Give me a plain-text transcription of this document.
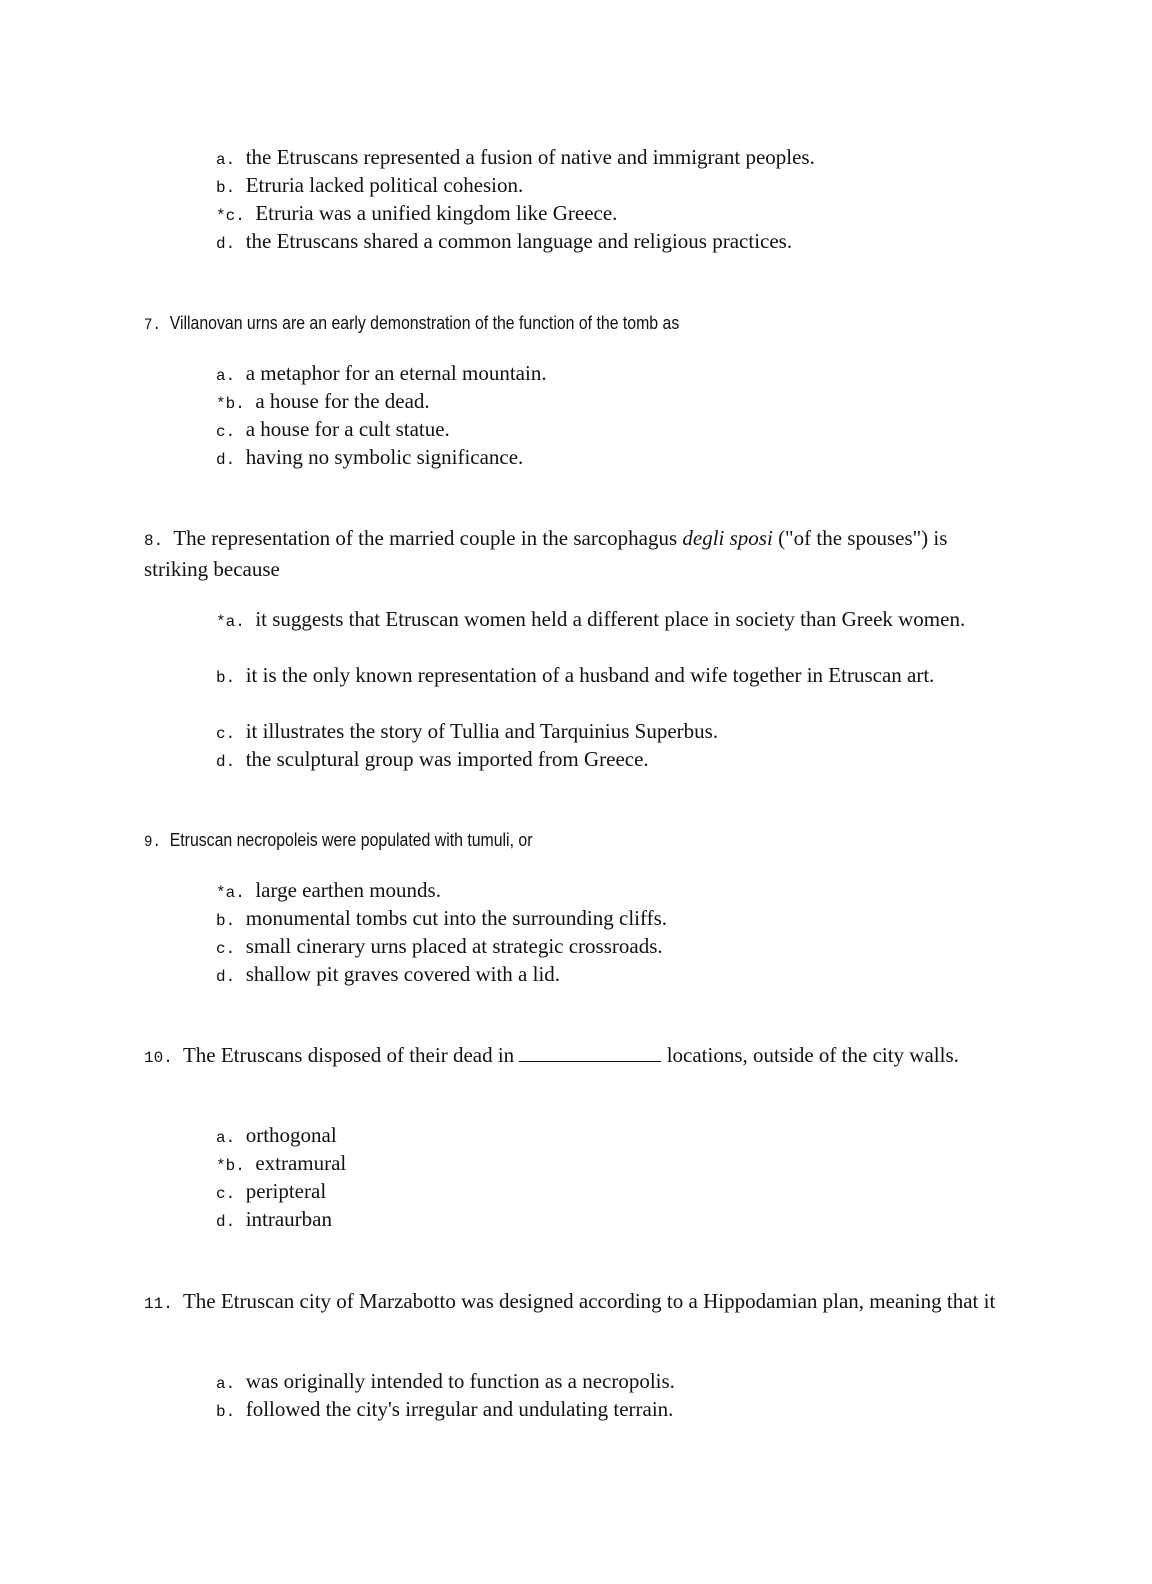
a. the Etruscans represented a fusion of native and immigrant peoples.
b. Etruria lacked political cohesion.
*c. Etruria was a unified kingdom like Greece.
d. the Etruscans shared a common language and religious practices.
7. Villanovan urns are an early demonstration of the function of the tomb as
a. a metaphor for an eternal mountain.
*b. a house for the dead.
c. a house for a cult statue.
d. having no symbolic significance.
8. The representation of the married couple in the sarcophagus degli sposi ("of the spouses") is striking because
*a. it suggests that Etruscan women held a different place in society than Greek women.
b. it is the only known representation of a husband and wife together in Etruscan art.
c. it illustrates the story of Tullia and Tarquinius Superbus.
d. the sculptural group was imported from Greece.
9. Etruscan necropoleis were populated with tumuli, or
*a. large earthen mounds.
b. monumental tombs cut into the surrounding cliffs.
c. small cinerary urns placed at strategic crossroads.
d. shallow pit graves covered with a lid.
10. The Etruscans disposed of their dead in	locations, outside of the city walls.
a. orthogonal
*b. extramural
c. peripteral
d. intraurban
11. The Etruscan city of Marzabotto was designed according to a Hippodamian plan, meaning that it
a. was originally intended to function as a necropolis.
b. followed the city's irregular and undulating terrain.
